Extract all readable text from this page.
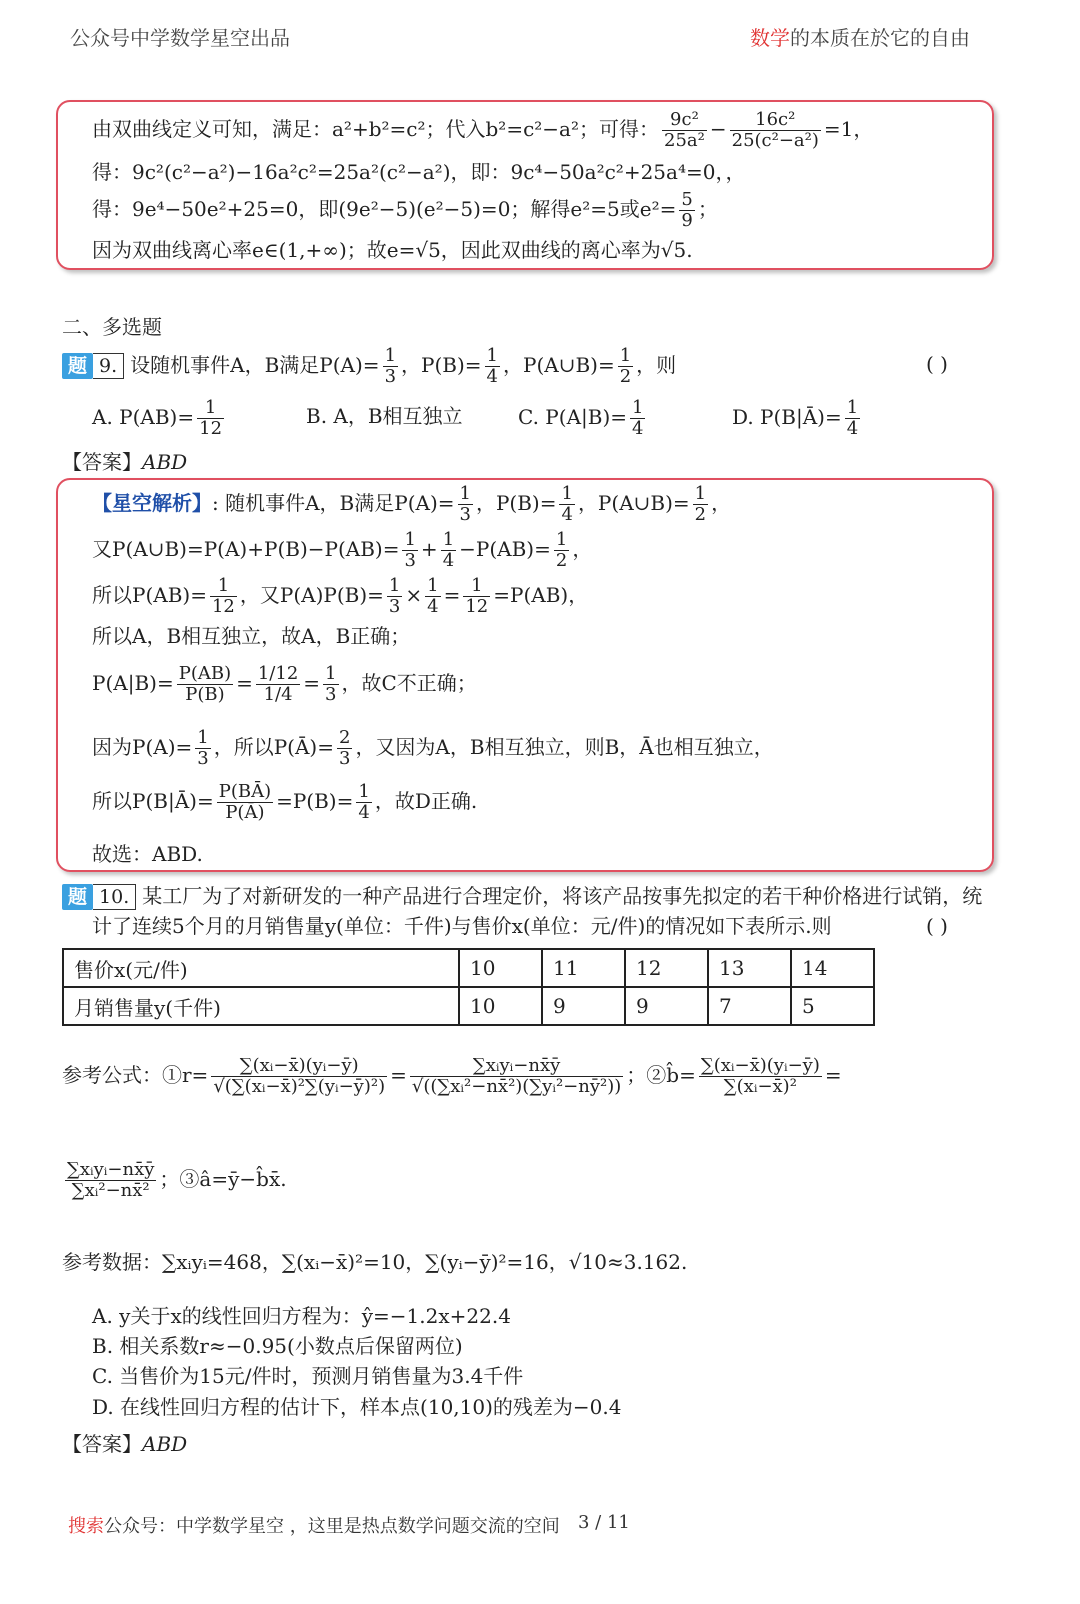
公众号中学数学星空出品	数学的本质在於它的自由
由双曲线定义可知，满足：a²+b²=c²；代入b²=c²−a²；可得： $\frac{\text{9c²}}{\text{25a²}} - \frac{\text{16c²}}{\text{25(c²−a²)}} =1$，
得：9c²(c²−a²)−16a²c²=25a²(c²−a²)，即：9c⁴−50a²c²+25a⁴=0，，
得：9e⁴−50e²+25=0，即(9e²−5)(e²−5)=0；解得e²=5或$e^2= \frac{5}{9}$ ；
因为双曲线离心率e∈(1,+∞)；故e=√5，因此双曲线的离心率为√5.
二、多选题
题 9. 设随机事件A，B满足$P(A)= \frac{1}{3}$ ，$P(B)= \frac{1}{4}$ ，P(A∪B)= $\frac{1}{2}$ ，则	( )
A. $P(AB)= \frac{1}{12}$	B. A，B相互独立	C. $P(A|B)= \frac{1}{4}$	D. P(B|Ā)= $\frac{1}{4}$
【答案】ABD
【星空解析】: 随机事件A，B满足$P(A)= \frac{1}{3}$ ，$P(B)= \frac{1}{4}$ ，P(A∪B)= $\frac{1}{2}$ ，
又P(A∪B)=P(A)+P(B)−P(AB)= $\frac{1}{3} + \frac{1}{4} -P(AB)= \frac{1}{2}$ ，
所以$P(AB)= \frac{1}{12}$ ，又$P(A)P(B)= \frac{1}{3} \times \frac{1}{4} = \frac{1}{12} =P(AB)$，
所以A，B相互独立，故A，B正确；
$P(A|B)= \frac{P(AB)}{P(B)} = \frac{1/12}{1/4} = \frac{1}{3}$ ，故C不正确；
因为$P(A)= \frac{1}{3}$ ，所以P(Ā)= $\frac{2}{3}$ ，又因为A，B相互独立，则B，Ā也相互独立，
所以P(B|Ā)= $\frac{P(BĀ)}{P(Ā)} =P(B)= \frac{1}{4}$ ，故D正确.
故选：ABD.
题 10. 某工厂为了对新研发的一种产品进行合理定价，将该产品按事先拟定的若干种价格进行试销，统
计了连续5个月的月销售量y(单位：千件)与售价x(单位：元/件)的情况如下表所示.则	( )
售价x(元/件)	10	11	12	13	14
月销售量y(千件)	10	9	9	7	5
参考公式：①r= $\frac{\text{∑(xᵢ−x̄)(yᵢ−ȳ)}}{\text{√(∑(xᵢ−x̄)²∑(yᵢ−ȳ)²)}} = \frac{\text{∑xᵢyᵢ−nx̄ȳ}}{\text{√((∑xᵢ²−nx̄²)(∑yᵢ²−nȳ²))}}$ ；②b̂= $\frac{\text{∑(xᵢ−x̄)(yᵢ−ȳ)}}{\text{∑(xᵢ−x̄)²}}$ =
$\frac{\text{∑xᵢyᵢ−nx̄ȳ}}{\text{∑xᵢ²−nx̄²}}$ ；③â=ȳ−b̂x̄.
参考数据：∑xᵢyᵢ=468，∑(xᵢ−x̄)²=10，∑(yᵢ−ȳ)²=16，√10≈3.162.
A. y关于x的线性回归方程为：ŷ=−1.2x+22.4
B. 相关系数r≈−0.95(小数点后保留两位)
C. 当售价为15元/件时，预测月销售量为3.4千件
D. 在线性回归方程的估计下，样本点(10,10)的残差为−0.4
【答案】ABD
搜索公众号：中学数学星空 ，这里是热点数学问题交流的空间 3 / 11
